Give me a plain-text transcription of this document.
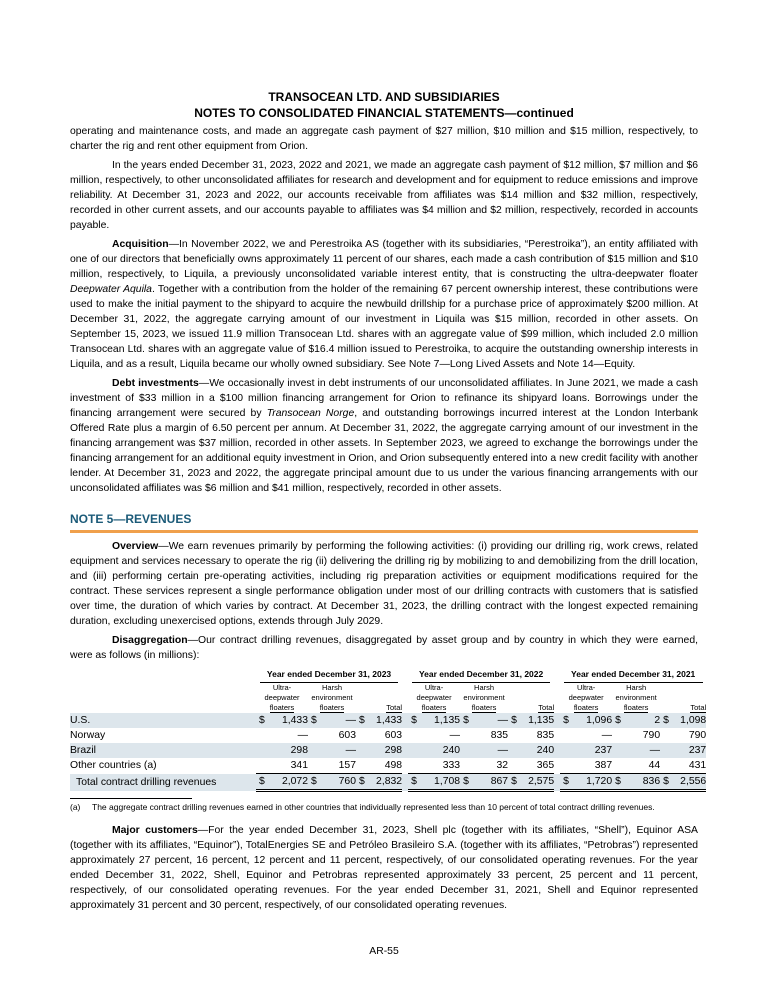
TRANSOCEAN LTD. AND SUBSIDIARIES
NOTES TO CONSOLIDATED FINANCIAL STATEMENTS—continued

operating and maintenance costs, and made an aggregate cash payment of $27 million, $10 million and $15 million, respectively, to charter the rig and rent other equipment from Orion.

In the years ended December 31, 2023, 2022 and 2021, we made an aggregate cash payment of $12 million, $7 million and $6 million, respectively, to other unconsolidated affiliates for research and development and for equipment to reduce emissions and improve reliability. At December 31, 2023 and 2022, our accounts receivable from affiliates was $14 million and $32 million, respectively, recorded in other current assets, and our accounts payable to affiliates was $4 million and $2 million, respectively, recorded in accounts payable.

Acquisition—In November 2022, we and Perestroika AS (together with its subsidiaries, “Perestroika”), an entity affiliated with one of our directors that beneficially owns approximately 11 percent of our shares, each made a cash contribution of $15 million and $10 million, respectively, to Liquila, a previously unconsolidated variable interest entity, that is constructing the ultra-deepwater floater Deepwater Aquila. Together with a contribution from the holder of the remaining 67 percent ownership interest, these contributions were used to make the initial payment to the shipyard to acquire the newbuild drillship for a purchase price of approximately $200 million. At December 31, 2022, the aggregate carrying amount of our investment in Liquila was $15 million, recorded in other assets. On September 15, 2023, we issued 11.9 million Transocean Ltd. shares with an aggregate value of $99 million, which included 2.0 million Transocean Ltd. shares with an aggregate value of $16.4 million issued to Perestroika, to acquire the outstanding ownership interests in Liquila, and as a result, Liquila became our wholly owned subsidiary. See Note 7—Long Lived Assets and Note 14—Equity.

Debt investments—We occasionally invest in debt instruments of our unconsolidated affiliates. In June 2021, we made a cash investment of $33 million in a $100 million financing arrangement for Orion to refinance its shipyard loans. Borrowings under the financing arrangement were secured by Transocean Norge, and outstanding borrowings incurred interest at the London Interbank Offered Rate plus a margin of 6.50 percent per annum. At December 31, 2022, the aggregate carrying amount of our investment in the financing arrangement was $37 million, recorded in other assets. In September 2023, we agreed to exchange the borrowings under the financing arrangement for an additional equity investment in Orion, and Orion subsequently entered into a new credit facility with another lender. At December 31, 2023 and 2022, the aggregate principal amount due to us under the various financing arrangements with our unconsolidated affiliates was $6 million and $41 million, respectively, recorded in other assets.

NOTE 5—REVENUES

Overview—We earn revenues primarily by performing the following activities: (i) providing our drilling rig, work crews, related equipment and services necessary to operate the rig (ii) delivering the drilling rig by mobilizing to and demobilizing from the drill location, and (iii) performing certain pre-operating activities, including rig preparation activities or equipment modifications required for the contract. These services represent a single performance obligation under most of our drilling contracts with customers that is satisfied over time, the duration of which varies by contract. At December 31, 2023, the drilling contract with the longest expected remaining duration, excluding unexercised options, extends through July 2029.

Disaggregation—Our contract drilling revenues, disaggregated by asset group and by country in which they were earned, were as follows (in millions):

	Year ended December 31, 2023							Year ended December 31, 2022							Year ended December 31, 2021					
	Ultra-		Harsh					Ultra-		Harsh					Ultra-		Harsh			
	deepwater		environment					deepwater		environment					deepwater		environment			
	floaters		floaters		Total			floaters		floaters		Total			floaters		floaters		Total	
U.S.	$	1,433	$	—	$	1,433		$	1,135	$	—	$	1,135		$	1,096	$	2	$	1,098
Norway		—		603		603			—		835		835			—		790		790
Brazil		298		—		298			240		—		240			237		—		237
Other countries (a)		341		157		498			333		32		365			387		44		431
Total contract drilling revenues	$	2,072	$	760	$	2,832		$	1,708	$	867	$	2,575		$	1,720	$	836	$	2,556
(a)	The aggregate contract drilling revenues earned in other countries that individually represented less than 10 percent of total contract drilling revenues.

Major customers—For the year ended December 31, 2023, Shell plc (together with its affiliates, “Shell”), Equinor ASA (together with its affiliates, “Equinor”), TotalEnergies SE and Petróleo Brasileiro S.A. (together with its affiliates, “Petrobras”) represented approximately 27 percent, 16 percent, 12 percent and 11 percent, respectively, of our consolidated operating revenues. For the year ended December 31, 2022, Shell, Equinor and Petrobras represented approximately 33 percent, 25 percent and 11 percent, respectively, of our consolidated operating revenues. For the year ended December 31, 2021, Shell and Equinor represented approximately 31 percent and 30 percent, respectively, of our consolidated operating revenues.

AR-55
